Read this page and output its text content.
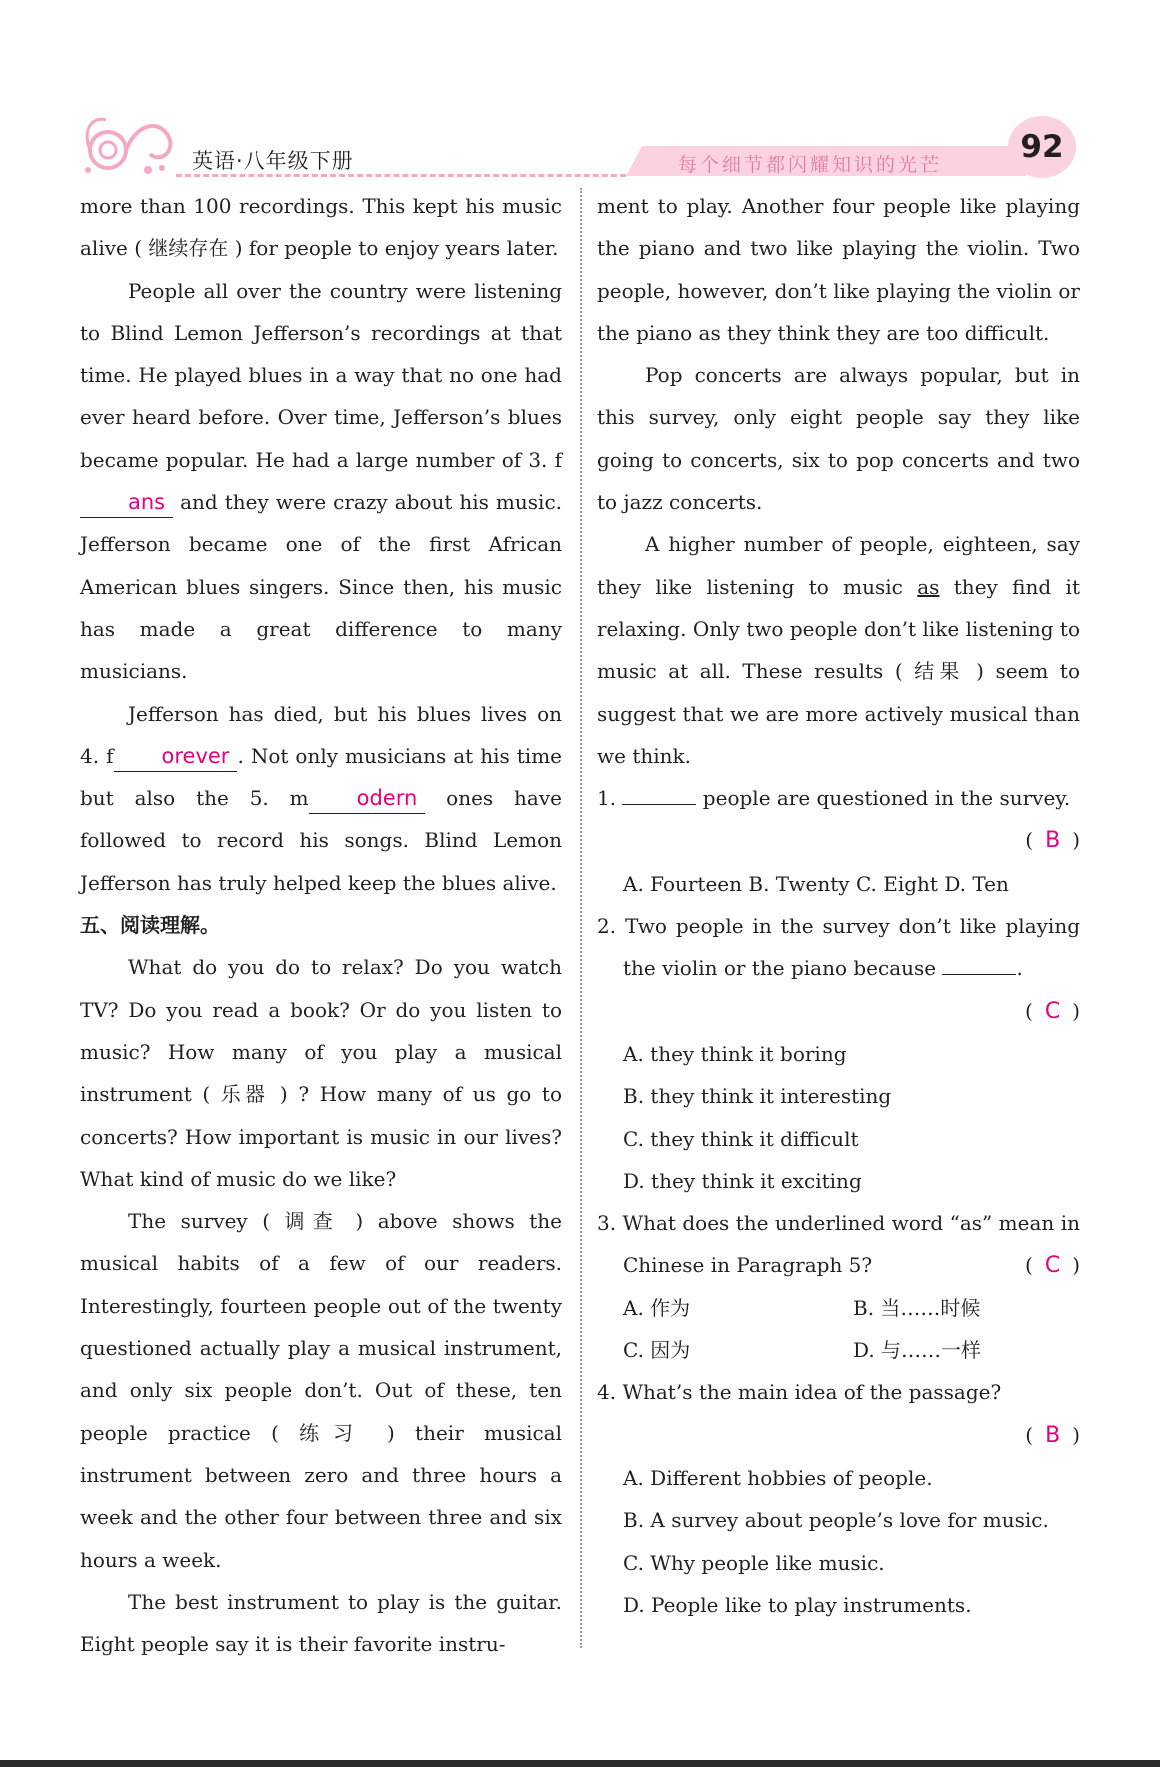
英语·八年级下册	每个细节都闪耀知识的光芒	92

more than 100 recordings. This kept his music alive ( 继续存在 ) for people to enjoy years later.

People all over the country were listening to Blind Lemon Jefferson’s recordings at that time. He played blues in a way that no one had ever heard before. Over time, Jefferson’s blues became popular. He had a large number of 3. fans and they were crazy about his music. Jefferson became one of the first African American blues singers. Since then, his music has made a great difference to many musicians.

Jefferson has died, but his blues lives on 4. f orever . Not only musicians at his time but also the 5. m odern ones have followed to record his songs. Blind Lemon Jefferson has truly helped keep the blues alive.

五、阅读理解。

What do you do to relax? Do you watch TV? Do you read a book? Or do you listen to music? How many of you play a musical instrument ( 乐器 ) ? How many of us go to concerts? How important is music in our lives? What kind of music do we like?

The survey ( 调查 ) above shows the musical habits of a few of our readers. Interestingly, fourteen people out of the twenty questioned actually play a musical instrument, and only six people don’t. Out of these, ten people practice ( 练习 ) their musical instrument between zero and three hours a week and the other four between three and six hours a week.

The best instrument to play is the guitar. Eight people say it is their favorite instru-

ment to play. Another four people like playing the piano and two like playing the violin. Two people, however, don’t like playing the violin or the piano as they think they are too difficult.

Pop concerts are always popular, but in this survey, only eight people say they like going to concerts, six to pop concerts and two to jazz concerts.

A higher number of people, eighteen, say they like listening to music as they find it relaxing. Only two people don’t like listening to music at all. These results ( 结果 ) seem to suggest that we are more actively musical than we think.

1.	people are questioned in the survey.

( B )

A. Fourteen B. Twenty C. Eight D. Ten

2. Two people in the survey don’t like playing the violin or the piano because	.

( C )

A. they think it boring

B. they think it interesting

C. they think it difficult

D. they think it exciting

3. What does the underlined word “as” mean in Chinese in Paragraph 5?	( C )

A. 作为	B. 当……时候
C. 因为	D. 与……一样

4. What’s the main idea of the passage?

( B )

A. Different hobbies of people.

B. A survey about people’s love for music.

C. Why people like music.

D. People like to play instruments.
